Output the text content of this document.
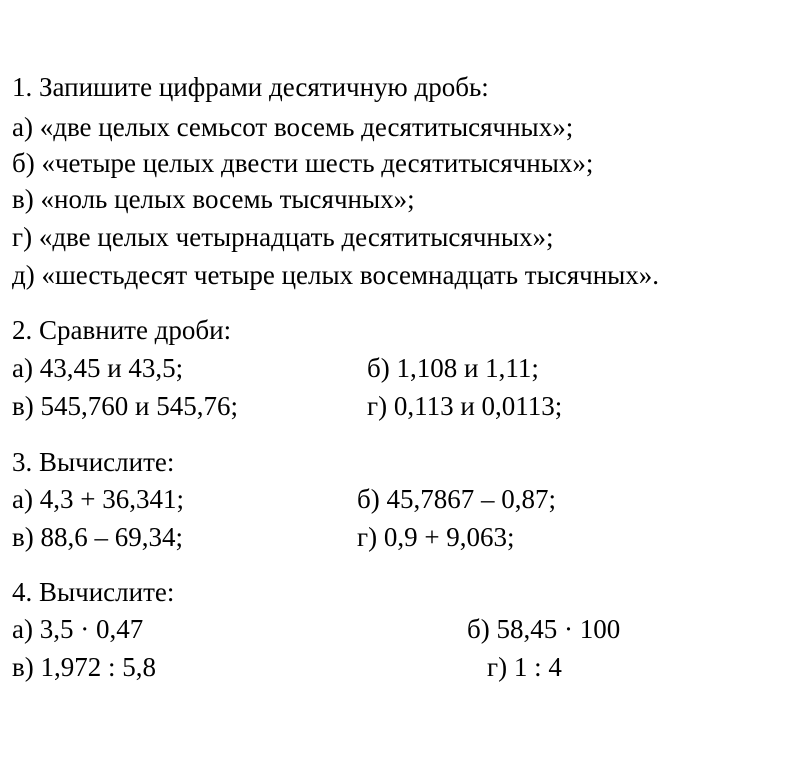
1. Запишите цифрами десятичную дробь:
а) «две целых семьсот восемь десятитысячных»;
б) «четыре целых двести шесть десятитысячных»;
в) «ноль целых восемь тысячных»;
г) «две целых четырнадцать десятитысячных»;
д) «шестьдесят четыре целых восемнадцать тысячных».
2. Сравните дроби:
а) 43,45 и 43,5;	б) 1,108 и 1,11;
в) 545,760 и 545,76;	г) 0,113 и 0,0113;
3. Вычислите:
а) 4,3 + 36,341;	б) 45,7867 – 0,87;
в) 88,6 – 69,34;	г) 0,9 + 9,063;
4. Вычислите:
а) 3,5 · 0,47	б) 58,45 · 100
в) 1,972 : 5,8	г) 1 : 4
